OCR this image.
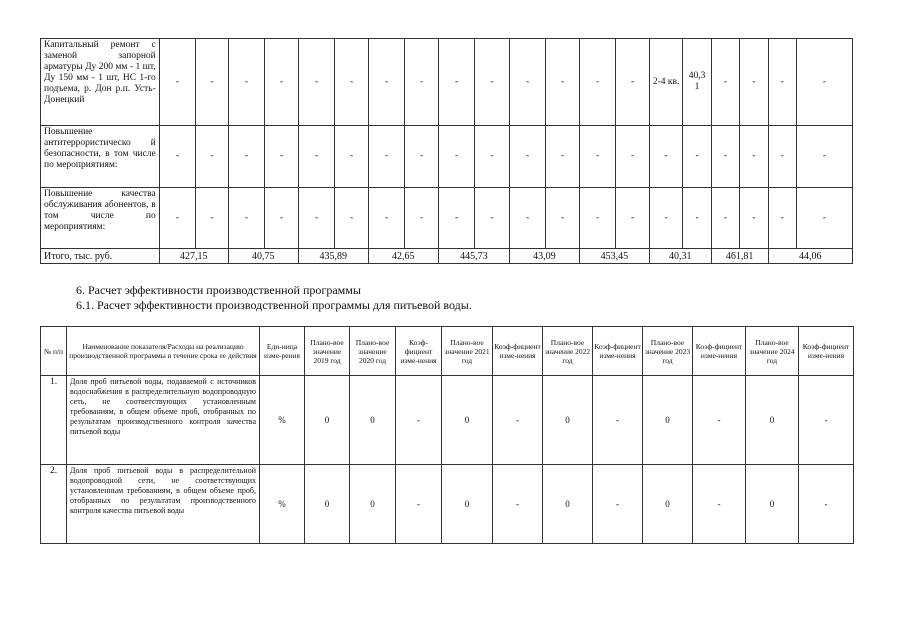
Капитальный ремонт с заменой запорной арматуры Ду 200 мм - 1 шт, Ду 150 мм - 1 шт, НС 1-го подъема, р. Дон р.п. Усть-Донецкий	-	-	-	-	-	-	-	-	-	-	-	-	-	-	2-4 кв.	40,3 1	-	-	-	-
Повышение антитеррористическо й безопасности, в том числе по мероприятиям:	-	-	-	-	-	-	-	-	-	-	-	-	-	-	-	-	-	-	-	-
Повышение качества обслуживания абонентов, в том числе по мероприятиям:	-	-	-	-	-	-	-	-	-	-	-	-	-	-	-	-	-	-	-	-
Итого, тыс. руб.	427,15		40,75		435,89		42,65		445,73		43,09		453,45		40,31		461,81		44,06	
6. Расчет эффективности производственной программы
6.1. Расчет эффективности производственной программы для питьевой воды.
№ п/п	Наименование показателя/Расходы на реализацию производственной программы в течение срока ее действия	Еди-ница изме-рения	Плано-вое значение 2019 год	Плано-вое значение 2020 год	Коэф-фициент изме-нения	Плано-вое значение 2021 год	Коэф-фициент изме-нения	Плано-вое значение 2022 год	Коэф-фициент изме-нения	Плано-вое значение 2023 год	Коэф-фициент изме-нения	Плано-вое значение 2024 год	Коэф-фициент изме-нения
1.	Доля проб питьевой воды, подаваемой с источников водоснабжения в распределительную водопроводную сеть, не соответствующих установленным требованиям, в общем объеме проб, отобранных по результатам производственного контроля качества питьевой воды	%	0	0	-	0	-	0	-	0	-	0	-
2.	Доля проб питьевой воды в распределительной водопроводной сети, не соответствующих установленным требованиям, в общем объеме проб, отобранных по результатам производственного контроля качества питьевой воды	%	0	0	-	0	-	0	-	0	-	0	-
